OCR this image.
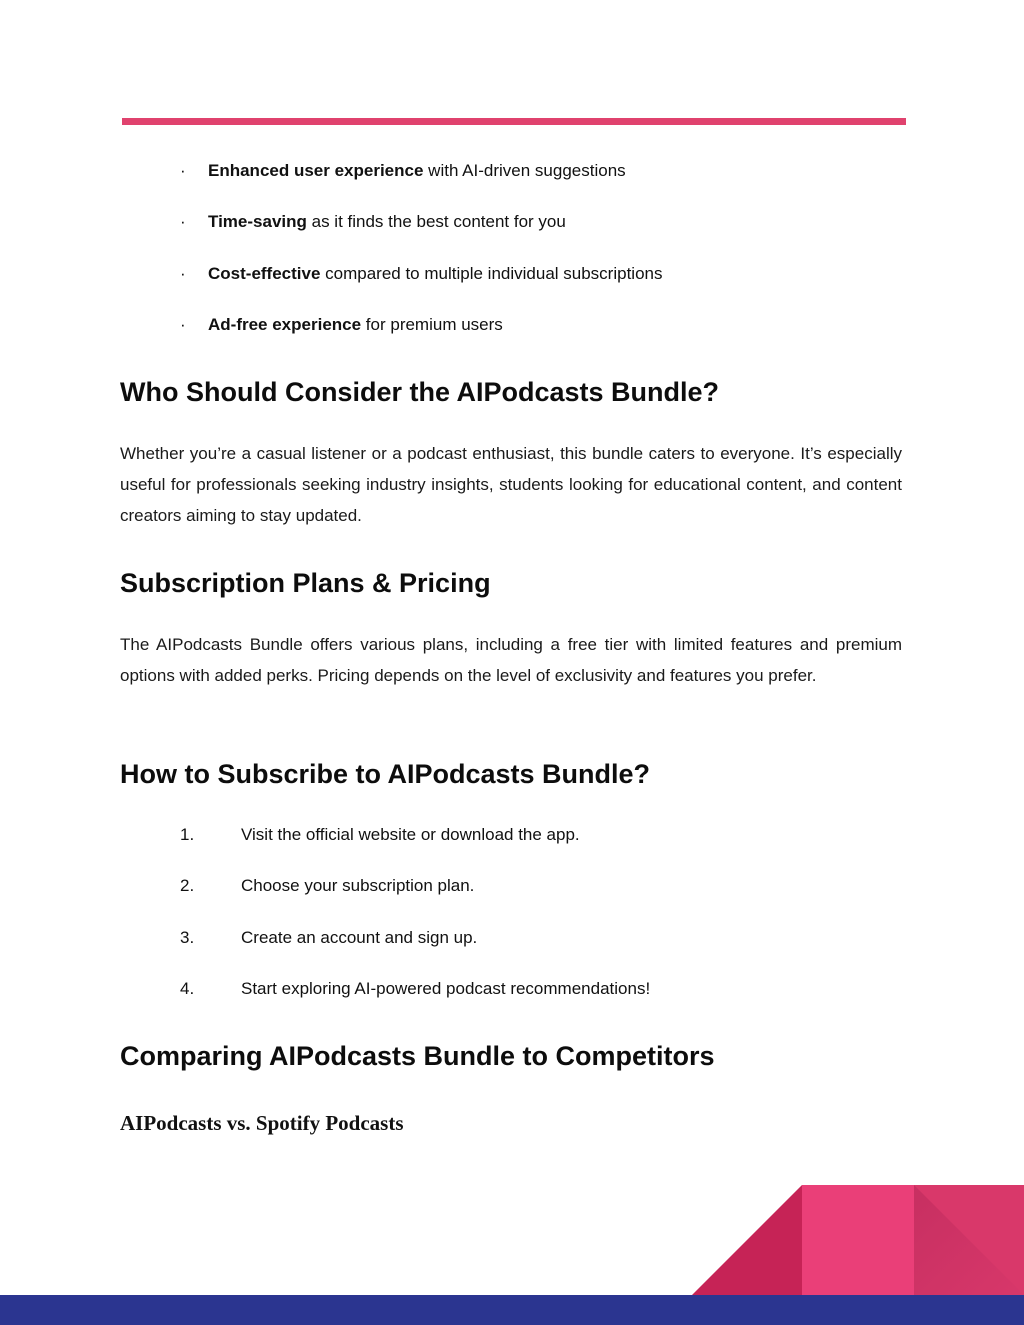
· Enhanced user experience with AI-driven suggestions
· Time-saving as it finds the best content for you
· Cost-effective compared to multiple individual subscriptions
· Ad-free experience for premium users
Who Should Consider the AIPodcasts Bundle?

Whether you’re a casual listener or a podcast enthusiast, this bundle caters to everyone. It’s especially useful for professionals seeking industry insights, students looking for educational content, and content creators aiming to stay updated.

Subscription Plans & Pricing

The AIPodcasts Bundle offers various plans, including a free tier with limited features and premium options with added perks. Pricing depends on the level of exclusivity and features you prefer.

How to Subscribe to AIPodcasts Bundle?
1.	Visit the official website or download the app.
2.	Choose your subscription plan.
3.	Create an account and sign up.
4.	Start exploring AI-powered podcast recommendations!
Comparing AIPodcasts Bundle to Competitors
AIPodcasts vs. Spotify Podcasts
